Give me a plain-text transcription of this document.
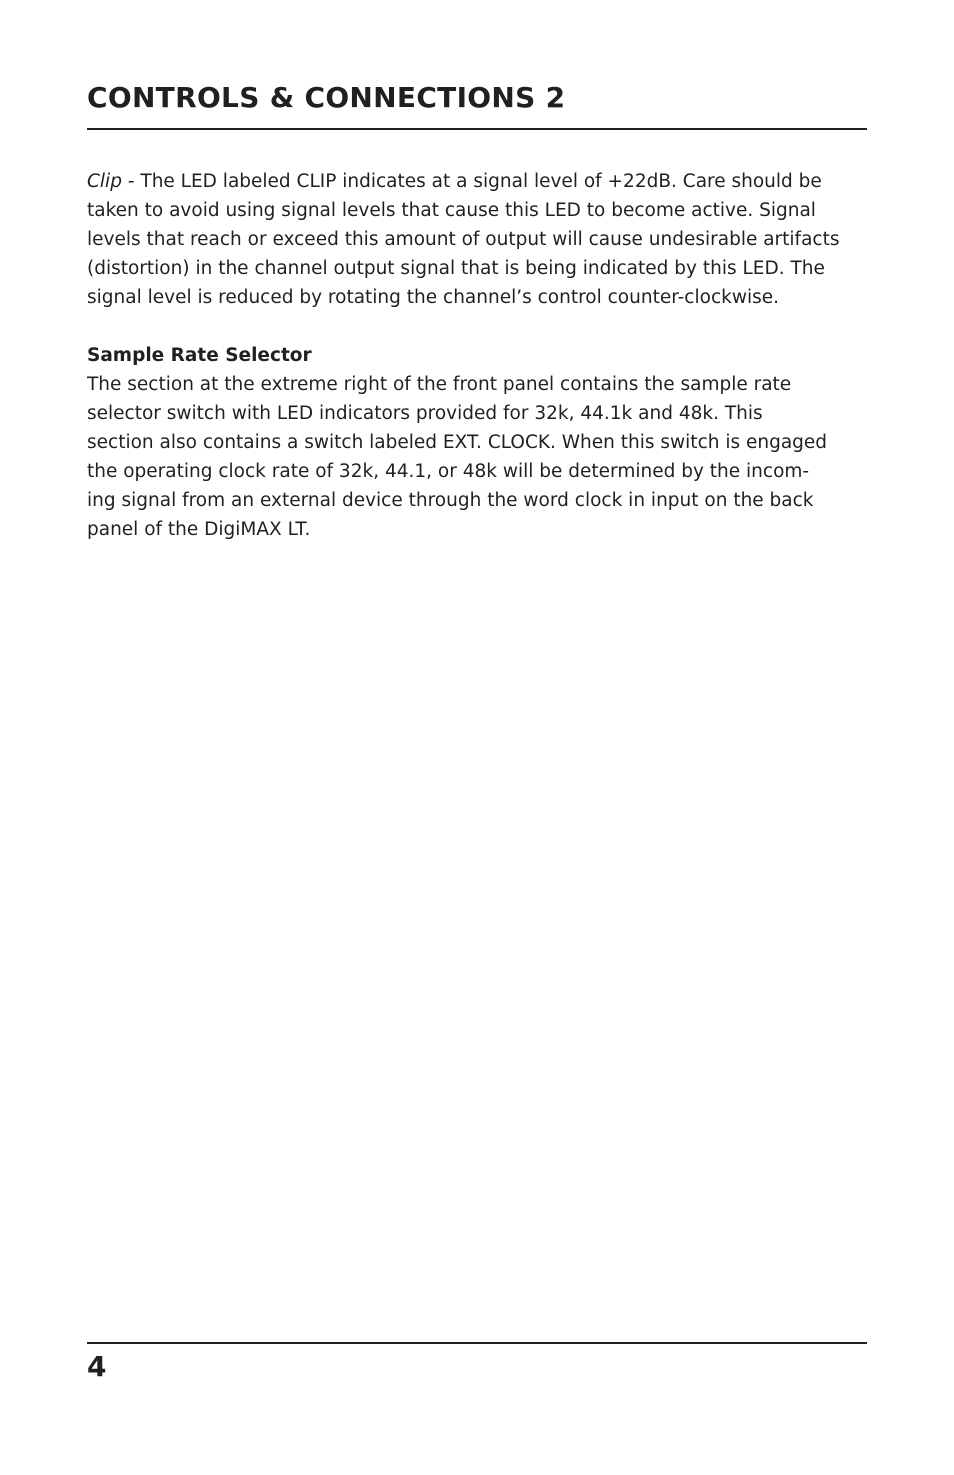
CONTROLS & CONNECTIONS 2

Clip - The LED labeled CLIP indicates at a signal level of +22dB. Care should be
taken to avoid using signal levels that cause this LED to become active. Signal
levels that reach or exceed this amount of output will cause undesirable artifacts
(distortion) in the channel output signal that is being indicated by this LED. The
signal level is reduced by rotating the channel’s control counter-clockwise.

Sample Rate Selector

The section at the extreme right of the front panel contains the sample rate
selector switch with LED indicators provided for 32k, 44.1k and 48k. This
section also contains a switch labeled EXT. CLOCK. When this switch is engaged
the operating clock rate of 32k, 44.1, or 48k will be determined by the incom-
ing signal from an external device through the word clock in input on the back
panel of the DigiMAX LT.

4
